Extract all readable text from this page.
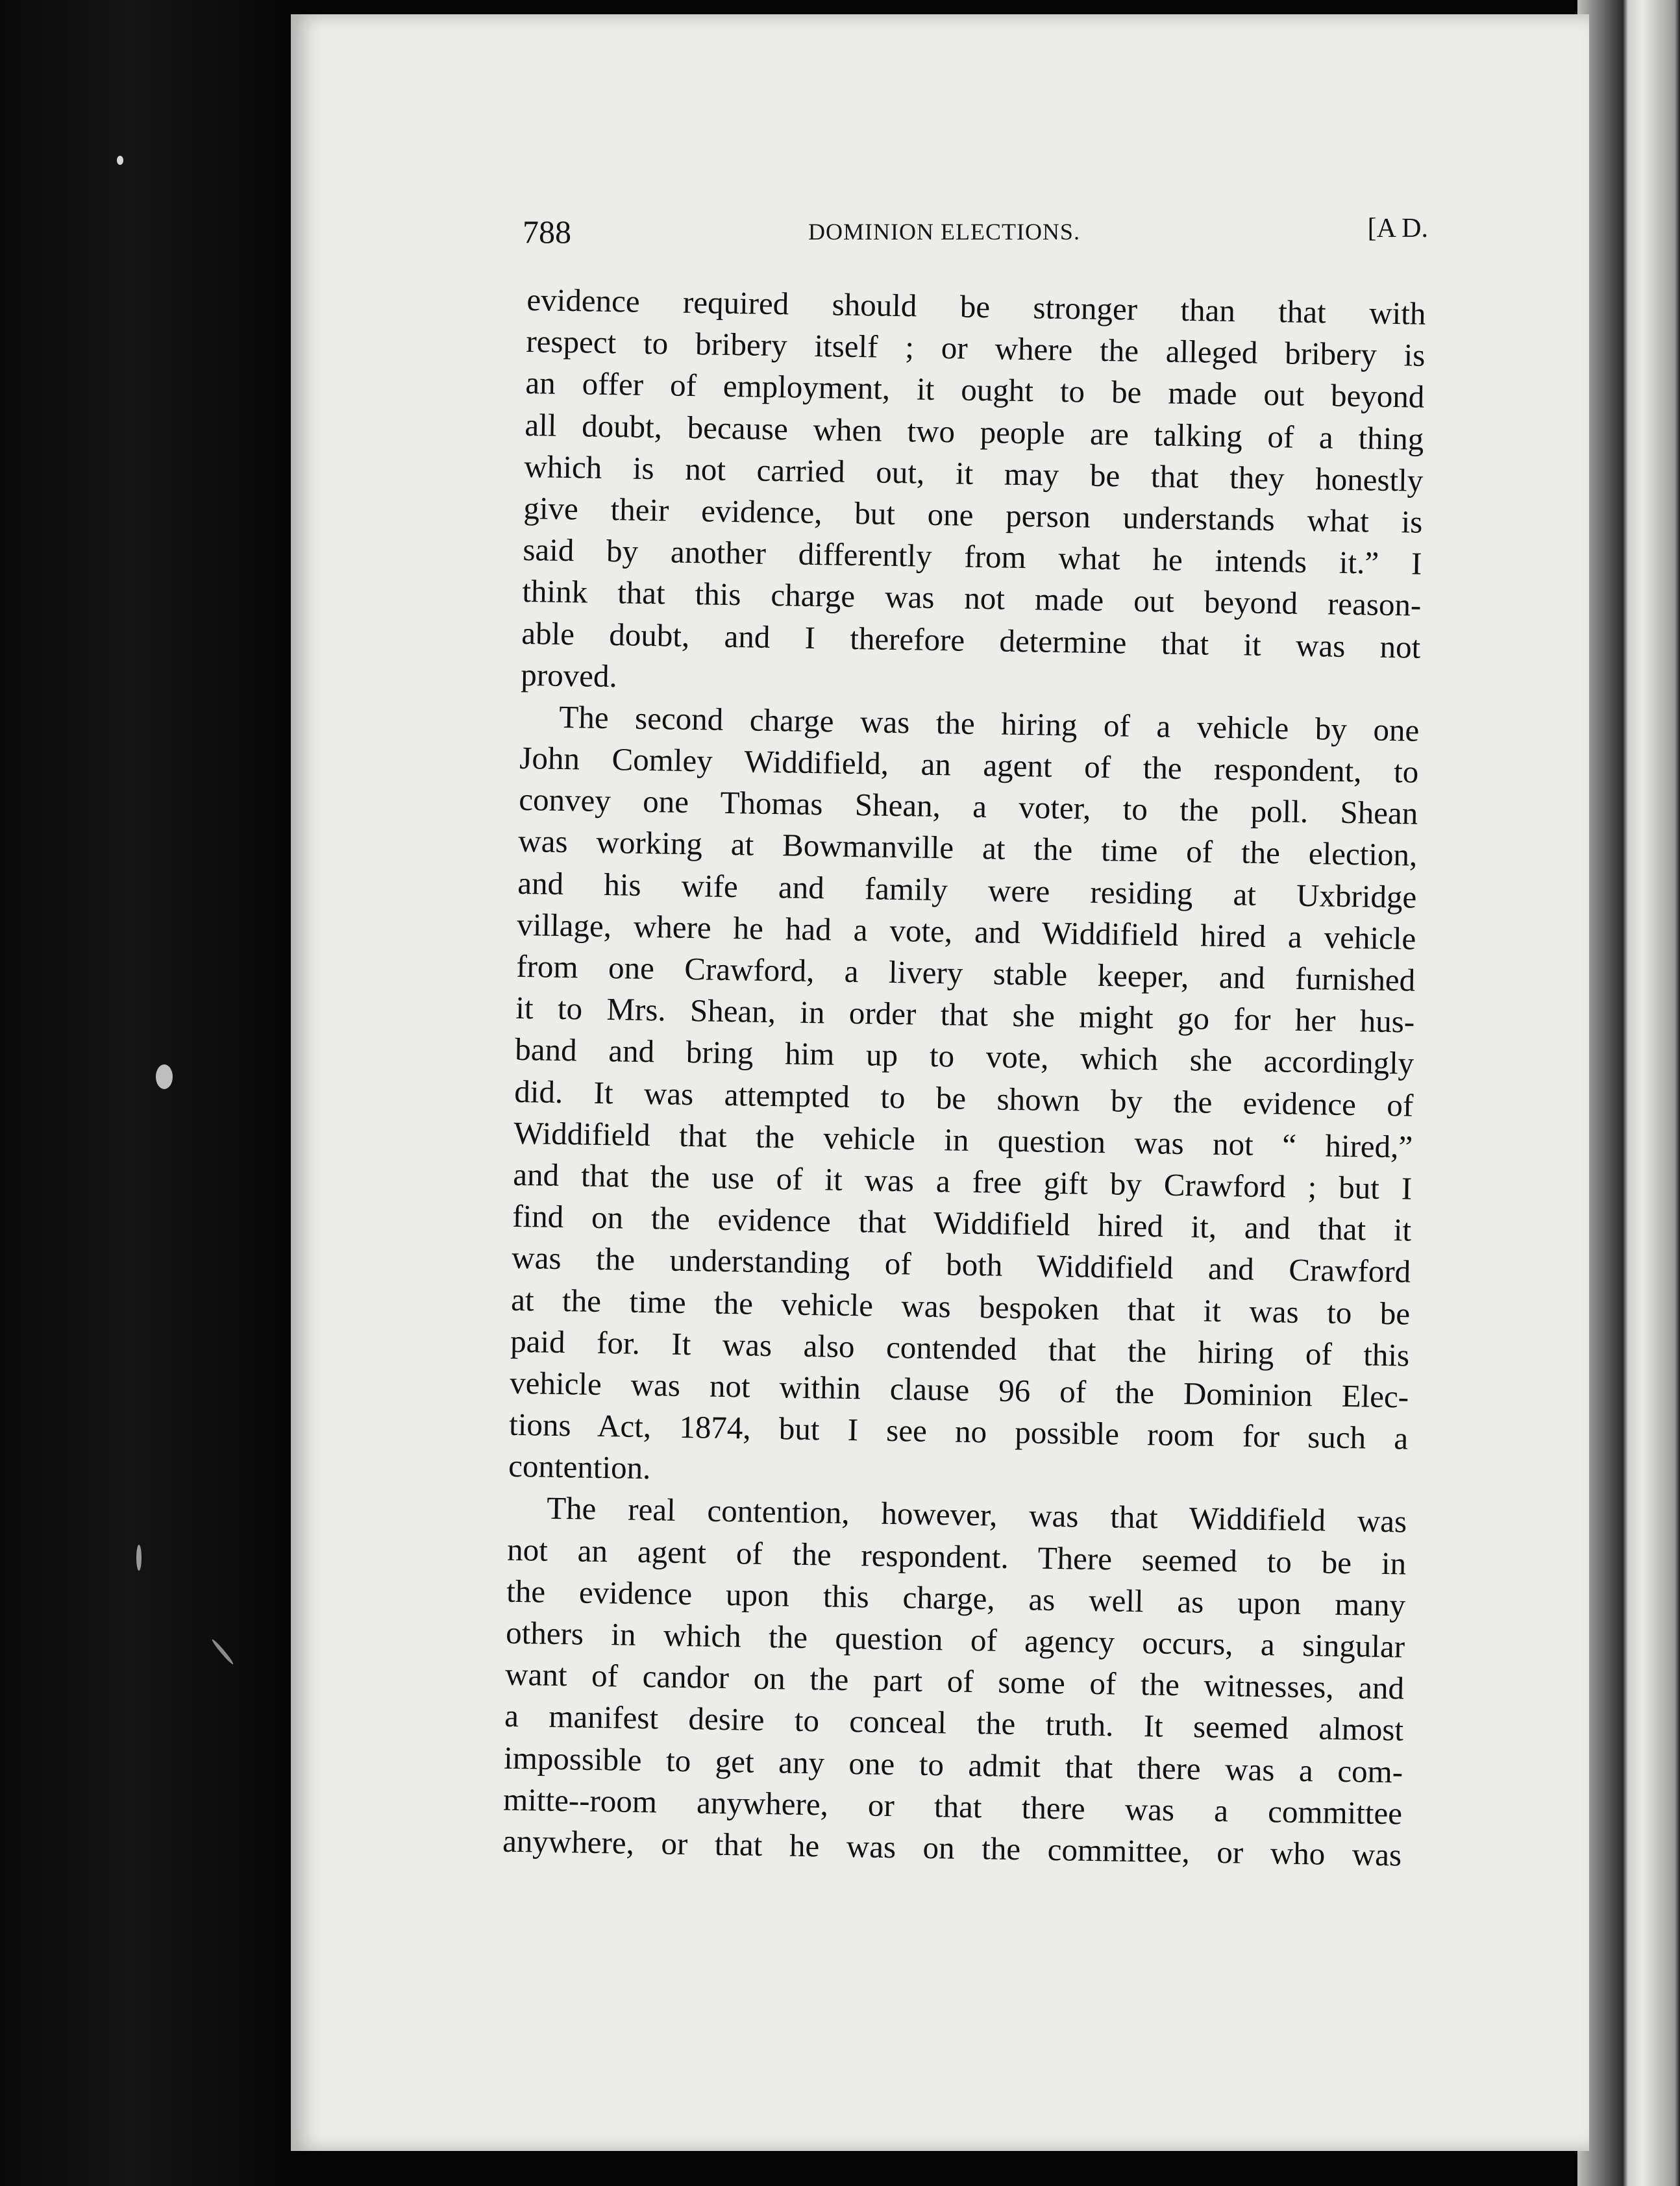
788	DOMINION ELECTIONS.	[A D.
evidence required should be stronger than that with
respect to bribery itself ; or where the alleged bribery is
an offer of employment, it ought to be made out beyond
all doubt, because when two people are talking of a thing
which is not carried out, it may be that they honestly
give their evidence, but one person understands what is
said by another differently from what he intends it.” I
think that this charge was not made out beyond reason-
able doubt, and I therefore determine that it was not
proved.
The second charge was the hiring of a vehicle by one
John Comley Widdifield, an agent of the respondent, to
convey one Thomas Shean, a voter, to the poll. Shean
was working at Bowmanville at the time of the election,
and his wife and family were residing at Uxbridge
village, where he had a vote, and Widdifield hired a vehicle
from one Crawford, a livery stable keeper, and furnished
it to Mrs. Shean, in order that she might go for her hus-
band and bring him up to vote, which she accordingly
did. It was attempted to be shown by the evidence of
Widdifield that the vehicle in question was not “ hired,”
and that the use of it was a free gift by Crawford ; but I
find on the evidence that Widdifield hired it, and that it
was the understanding of both Widdifield and Crawford
at the time the vehicle was bespoken that it was to be
paid for. It was also contended that the hiring of this
vehicle was not within clause 96 of the Dominion Elec-
tions Act, 1874, but I see no possible room for such a
contention.
The real contention, however, was that Widdifield was
not an agent of the respondent. There seemed to be in
the evidence upon this charge, as well as upon many
others in which the question of agency occurs, a singular
want of candor on the part of some of the witnesses, and
a manifest desire to conceal the truth. It seemed almost
impossible to get any one to admit that there was a com-
mitte‐-room anywhere, or that there was a committee
anywhere, or that he was on the committee, or who was
